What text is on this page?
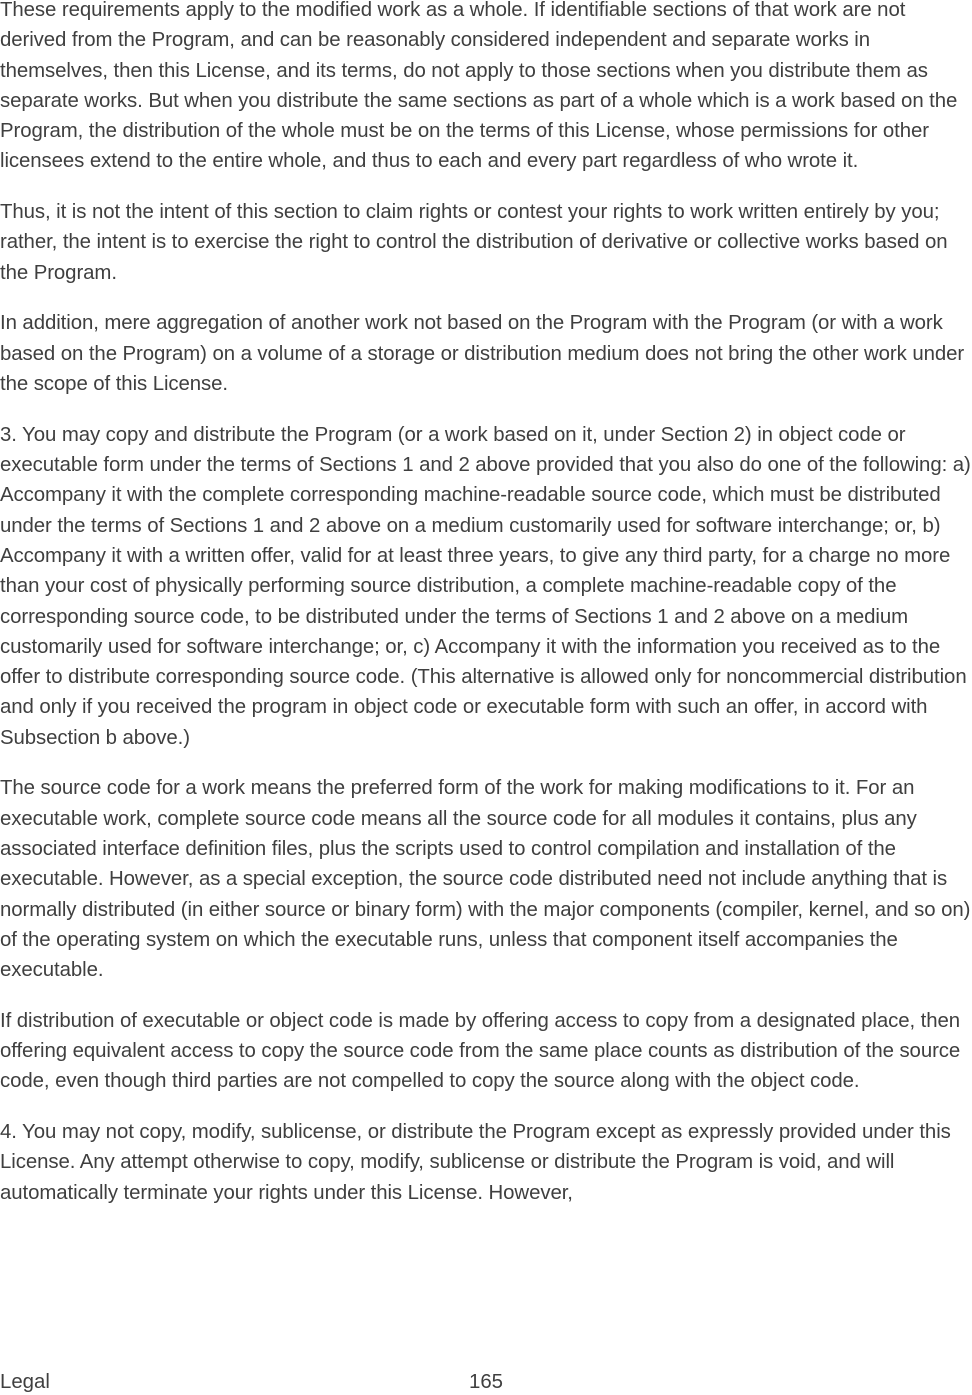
These requirements apply to the modified work as a whole. If identifiable sections of that work are not derived from the Program, and can be reasonably considered independent and separate works in themselves, then this License, and its terms, do not apply to those sections when you distribute them as separate works. But when you distribute the same sections as part of a whole which is a work based on the Program, the distribution of the whole must be on the terms of this License, whose permissions for other licensees extend to the entire whole, and thus to each and every part regardless of who wrote it.

Thus, it is not the intent of this section to claim rights or contest your rights to work written entirely by you; rather, the intent is to exercise the right to control the distribution of derivative or collective works based on the Program.

In addition, mere aggregation of another work not based on the Program with the Program (or with a work based on the Program) on a volume of a storage or distribution medium does not bring the other work under the scope of this License.

3. You may copy and distribute the Program (or a work based on it, under Section 2) in object code or executable form under the terms of Sections 1 and 2 above provided that you also do one of the following: a) Accompany it with the complete corresponding machine-readable source code, which must be distributed under the terms of Sections 1 and 2 above on a medium customarily used for software interchange; or, b) Accompany it with a written offer, valid for at least three years, to give any third party, for a charge no more than your cost of physically performing source distribution, a complete machine-readable copy of the corresponding source code, to be distributed under the terms of Sections 1 and 2 above on a medium customarily used for software interchange; or, c) Accompany it with the information you received as to the offer to distribute corresponding source code. (This alternative is allowed only for noncommercial distribution and only if you received the program in object code or executable form with such an offer, in accord with Subsection b above.)

The source code for a work means the preferred form of the work for making modifications to it. For an executable work, complete source code means all the source code for all modules it contains, plus any associated interface definition files, plus the scripts used to control compilation and installation of the executable. However, as a special exception, the source code distributed need not include anything that is normally distributed (in either source or binary form) with the major components (compiler, kernel, and so on) of the operating system on which the executable runs, unless that component itself accompanies the executable.

If distribution of executable or object code is made by offering access to copy from a designated place, then offering equivalent access to copy the source code from the same place counts as distribution of the source code, even though third parties are not compelled to copy the source along with the object code.

4. You may not copy, modify, sublicense, or distribute the Program except as expressly provided under this License. Any attempt otherwise to copy, modify, sublicense or distribute the Program is void, and will automatically terminate your rights under this License. However,

Legal	165
